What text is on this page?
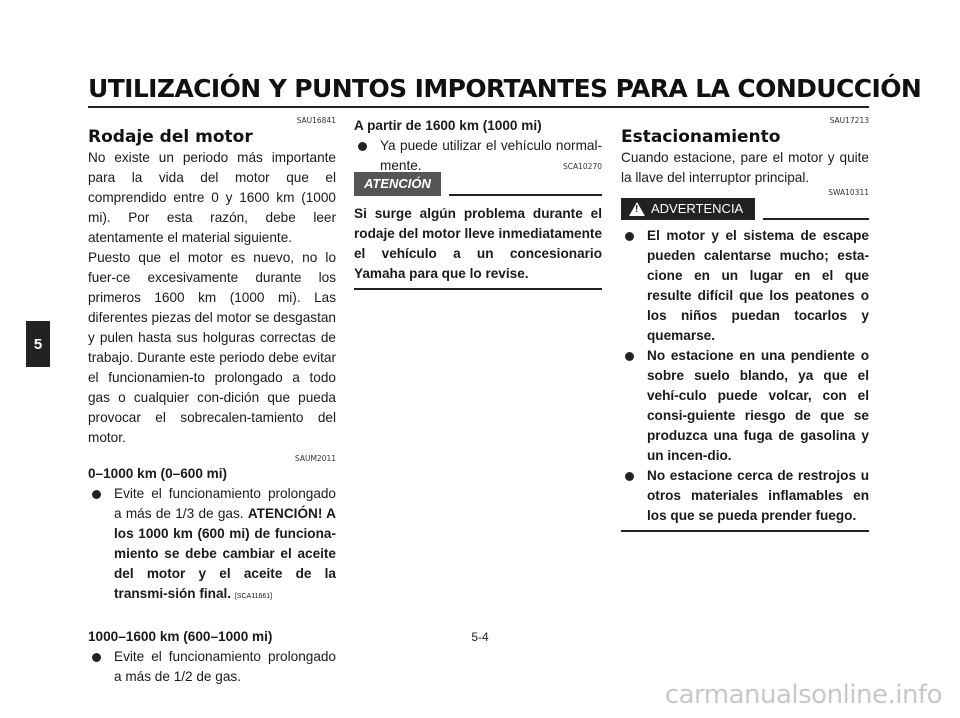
UTILIZACIÓN Y PUNTOS IMPORTANTES PARA LA CONDUCCIÓN
5
SAU16841
Rodaje del motor

No existe un periodo más importante para la vida del motor que el comprendido entre 0 y 1600 km (1000 mi). Por esta razón, debe leer atentamente el material siguiente.

Puesto que el motor es nuevo, no lo fuer-ce excesivamente durante los primeros 1600 km (1000 mi). Las diferentes piezas del motor se desgastan y pulen hasta sus holguras correctas de trabajo. Durante este periodo debe evitar el funcionamien-to prolongado a todo gas o cualquier con-dición que pueda provocar el sobrecalen-tamiento del motor.

SAUM2011
0–1000 km (0–600 mi)
Evite el funcionamiento prolongado a más de 1/3 de gas. ATENCIÓN! A los 1000 km (600 mi) de funciona-miento se debe cambiar el aceite del motor y el aceite de la transmi-sión final. [SCA11661]
1000–1600 km (600–1000 mi)
Evite el funcionamiento prolongado a más de 1/2 de gas.
A partir de 1600 km (1000 mi)
Ya puede utilizar el vehículo normal-mente.	SCA10270
ATENCIÓN
Si surge algún problema durante el rodaje del motor lleve inmediatamente el vehículo a un concesionario Yamaha para que lo revise.
SAU17213
Estacionamiento

Cuando estacione, pare el motor y quite la llave del interruptor principal.

SWA10311
! ADVERTENCIA
El motor y el sistema de escape pueden calentarse mucho; esta-cione en un lugar en el que resulte difícil que los peatones o los niños puedan tocarlos y quemarse.
No estacione en una pendiente o sobre suelo blando, ya que el vehí-culo puede volcar, con el consi-guiente riesgo de que se produzca una fuga de gasolina y un incen-dio.
No estacione cerca de restrojos u otros materiales inflamables en los que se pueda prender fuego.
5-4
carmanualsonline.info
